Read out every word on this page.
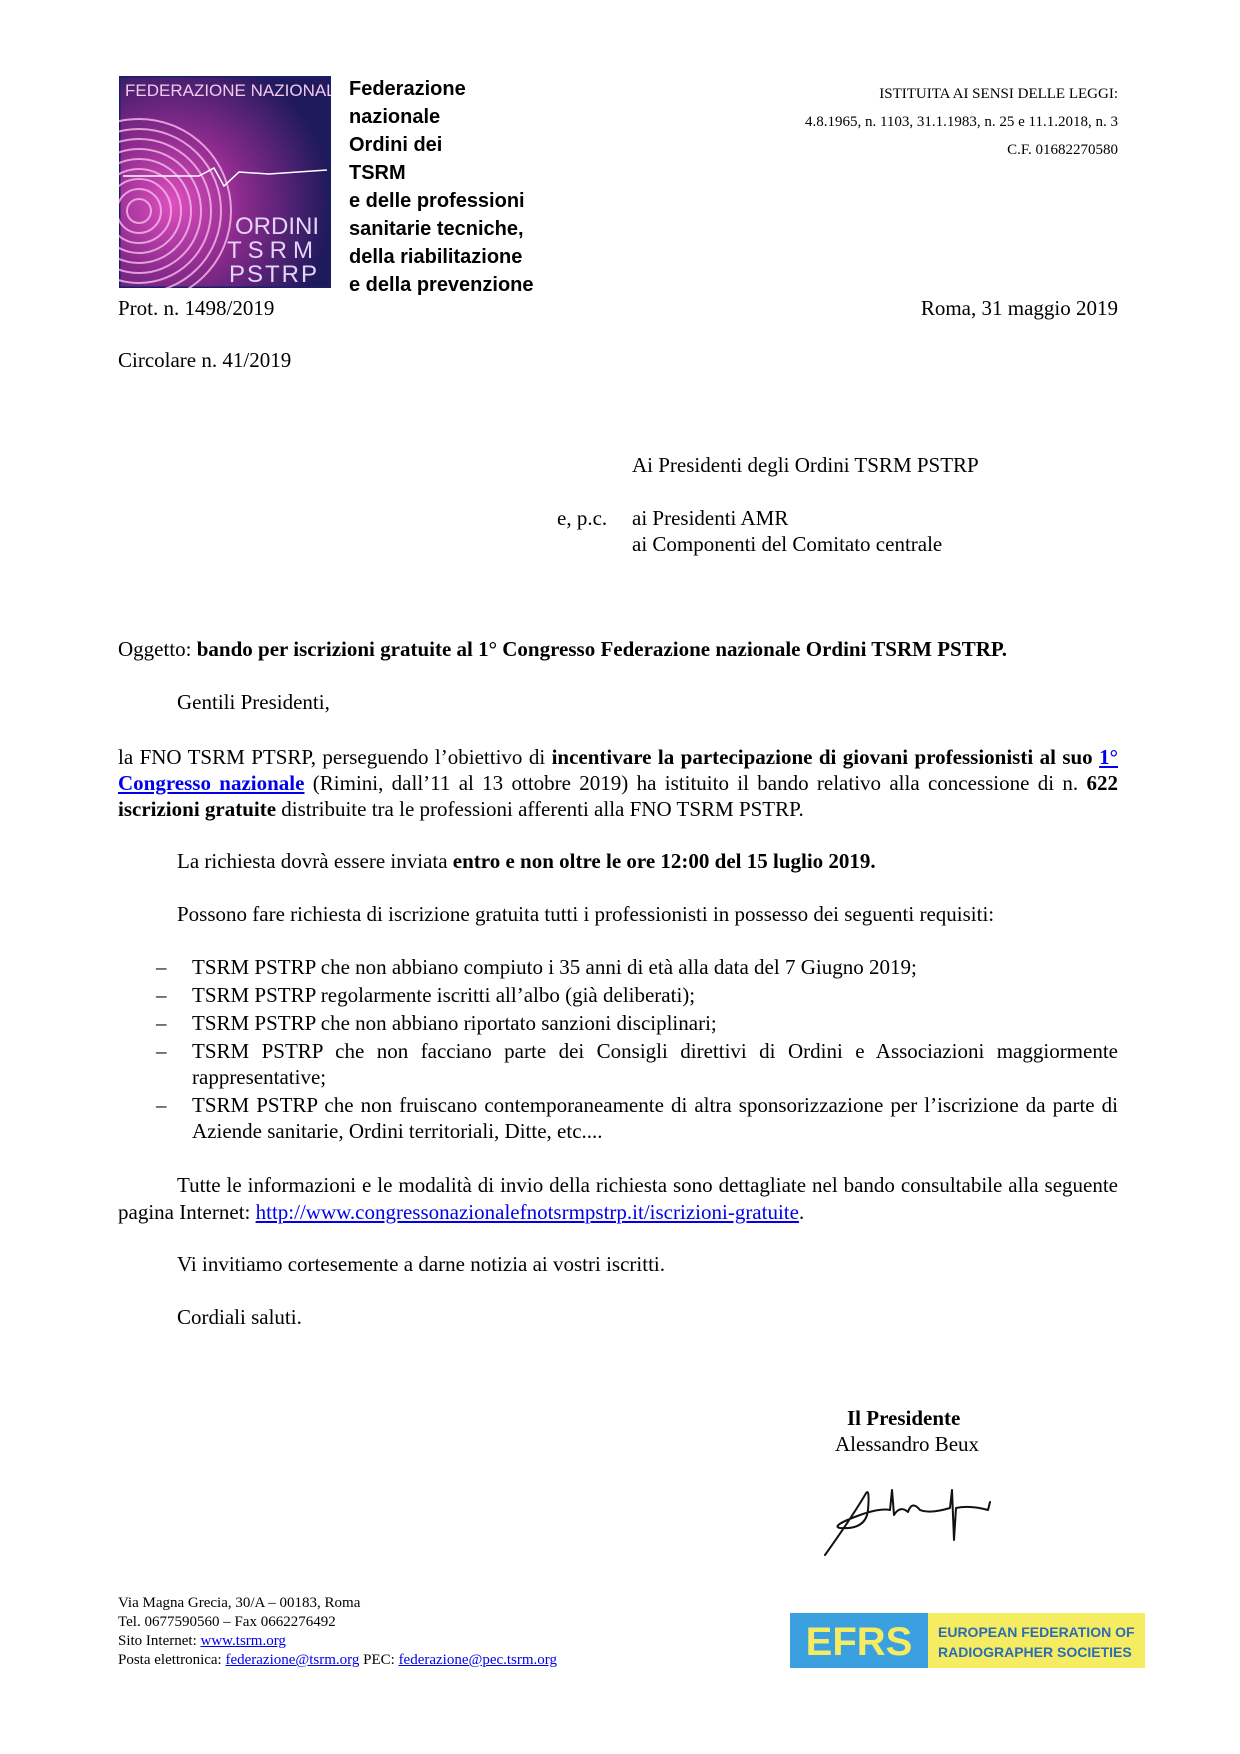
FEDERAZIONE NAZIONALE
ORDINI
TSRM
PSTRP
Federazione
nazionale
Ordini dei
TSRM
e delle professioni
sanitarie tecniche,
della riabilitazione
e della prevenzione
ISTITUITA AI SENSI DELLE LEGGI:
4.8.1965, n. 1103, 31.1.1983, n. 25 e 11.1.2018, n. 3
C.F. 01682270580
Prot. n. 1498/2019	Roma, 31 maggio 2019
Circolare n. 41/2019
Ai Presidenti degli Ordini TSRM PSTRP
e, p.c. ai Presidenti AMR
ai Componenti del Comitato centrale
Oggetto: bando per iscrizioni gratuite al 1° Congresso Federazione nazionale Ordini TSRM PSTRP.
Gentili Presidenti,
la FNO TSRM PTSRP, perseguendo l’obiettivo di incentivare la partecipazione di giovani professionisti al suo 1° Congresso nazionale (Rimini, dall’11 al 13 ottobre 2019) ha istituito il bando relativo alla concessione di n. 622 iscrizioni gratuite distribuite tra le professioni afferenti alla FNO TSRM PSTRP.
La richiesta dovrà essere inviata entro e non oltre le ore 12:00 del 15 luglio 2019.
Possono fare richiesta di iscrizione gratuita tutti i professionisti in possesso dei seguenti requisiti:
– TSRM PSTRP che non abbiano compiuto i 35 anni di età alla data del 7 Giugno 2019;
– TSRM PSTRP regolarmente iscritti all’albo (già deliberati);
– TSRM PSTRP che non abbiano riportato sanzioni disciplinari;
– TSRM PSTRP che non facciano parte dei Consigli direttivi di Ordini e Associazioni maggiormente rappresentative;
– TSRM PSTRP che non fruiscano contemporaneamente di altra sponsorizzazione per l’iscrizione da parte di Aziende sanitarie, Ordini territoriali, Ditte, etc....
Tutte le informazioni e le modalità di invio della richiesta sono dettagliate nel bando consultabile alla seguente pagina Internet: http://www.congressonazionalefnotsrmpstrp.it/iscrizioni-gratuite.
Vi invitiamo cortesemente a darne notizia ai vostri iscritti.
Cordiali saluti.
Il Presidente
Alessandro Beux
Via Magna Grecia, 30/A – 00183, Roma
Tel. 0677590560 – Fax 0662276492
Sito Internet: www.tsrm.org
Posta elettronica: federazione@tsrm.org PEC: federazione@pec.tsrm.org	EFRS EUROPEAN FEDERATION OF
RADIOGRAPHER SOCIETIES
